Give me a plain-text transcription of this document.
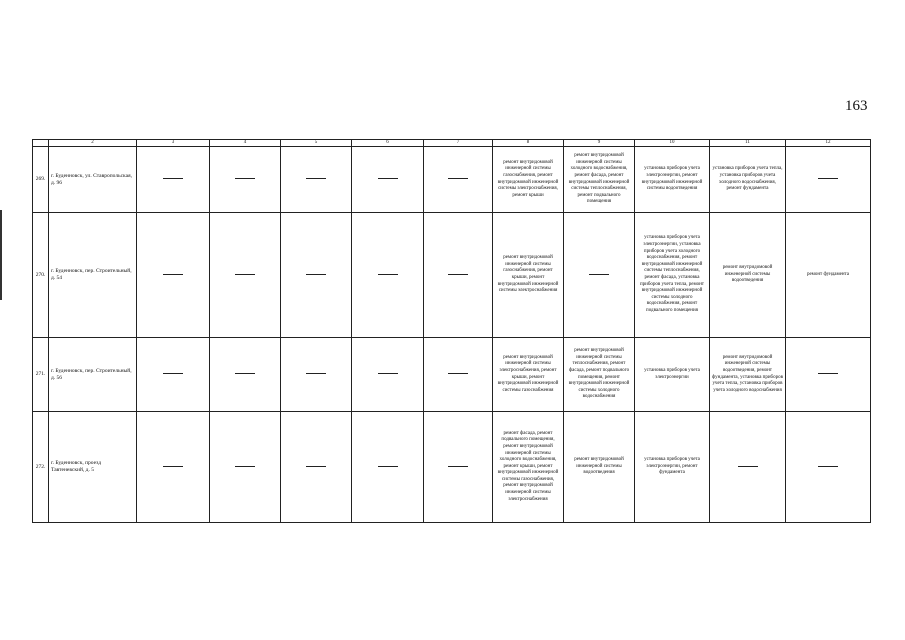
163
	2	3	4	5	6	7	8	9	10	11	12
269.	г. Буденновск, ул. Ставропольская, д. 96						ремонт внутридомовой инженерной системы газоснабжения, ремонт внутридомовой инженерной системы электроснабжения, ремонт крыши	ремонт внутридомовой инженерной системы холодного водоснабжения, ремонт фасада, ремонт внутридомовой инженерной системы теплоснабжения, ремонт подвального помещения	установка приборов учета электроэнергии, ремонт внутридомовой инженерной системы водоотведения	установка приборов учета тепла, установка приборов учета холодного водоснабжения, ремонт фундамента	
270.	г. Буденновск, пер. Строительный, д. 54						ремонт внутридомовой инженерной системы газоснабжения, ремонт крыши, ремонт внутридомовой инженерной системы электроснабжения		установка приборов учета электроэнергии, установка приборов учета холодного водоснабжения, ремонт внутридомовой инженерной системы теплоснабжения, ремонт фасада, установка приборов учета тепла, ремонт внутридомовой инженерной системы холодного водоснабжения, ремонт подвального помещения	ремонт внутридомовой инженерной системы водоотведения	ремонт фундамента
271.	г. Буденновск, пер. Строительный, д. 56						ремонт внутридомовой инженерной системы электроснабжения, ремонт крыши, ремонт внутридомовой инженерной системы газоснабжения	ремонт внутридомовой инженерной системы теплоснабжения, ремонт фасада, ремонт подвального помещения, ремонт внутридомовой инженерной системы холодного водоснабжения	установка приборов учета электроэнергии	ремонт внутридомовой инженерной системы водоотведения, ремонт фундамента, установка приборов учета тепла, установка приборов учета холодного водоснабжения	
272.	г. Буденновск, проезд Тавтеневский, д. 5						ремонт фасада, ремонт подвального помещения, ремонт внутридомовой инженерной системы холодного водоснабжения, ремонт крыши, ремонт внутридомовой инженерной системы газоснабжения, ремонт внутридомовой инженерной системы электроснабжения	ремонт внутридомовой инженерной системы водоотведения	установка приборов учета электроэнергии, ремонт фундамента		
